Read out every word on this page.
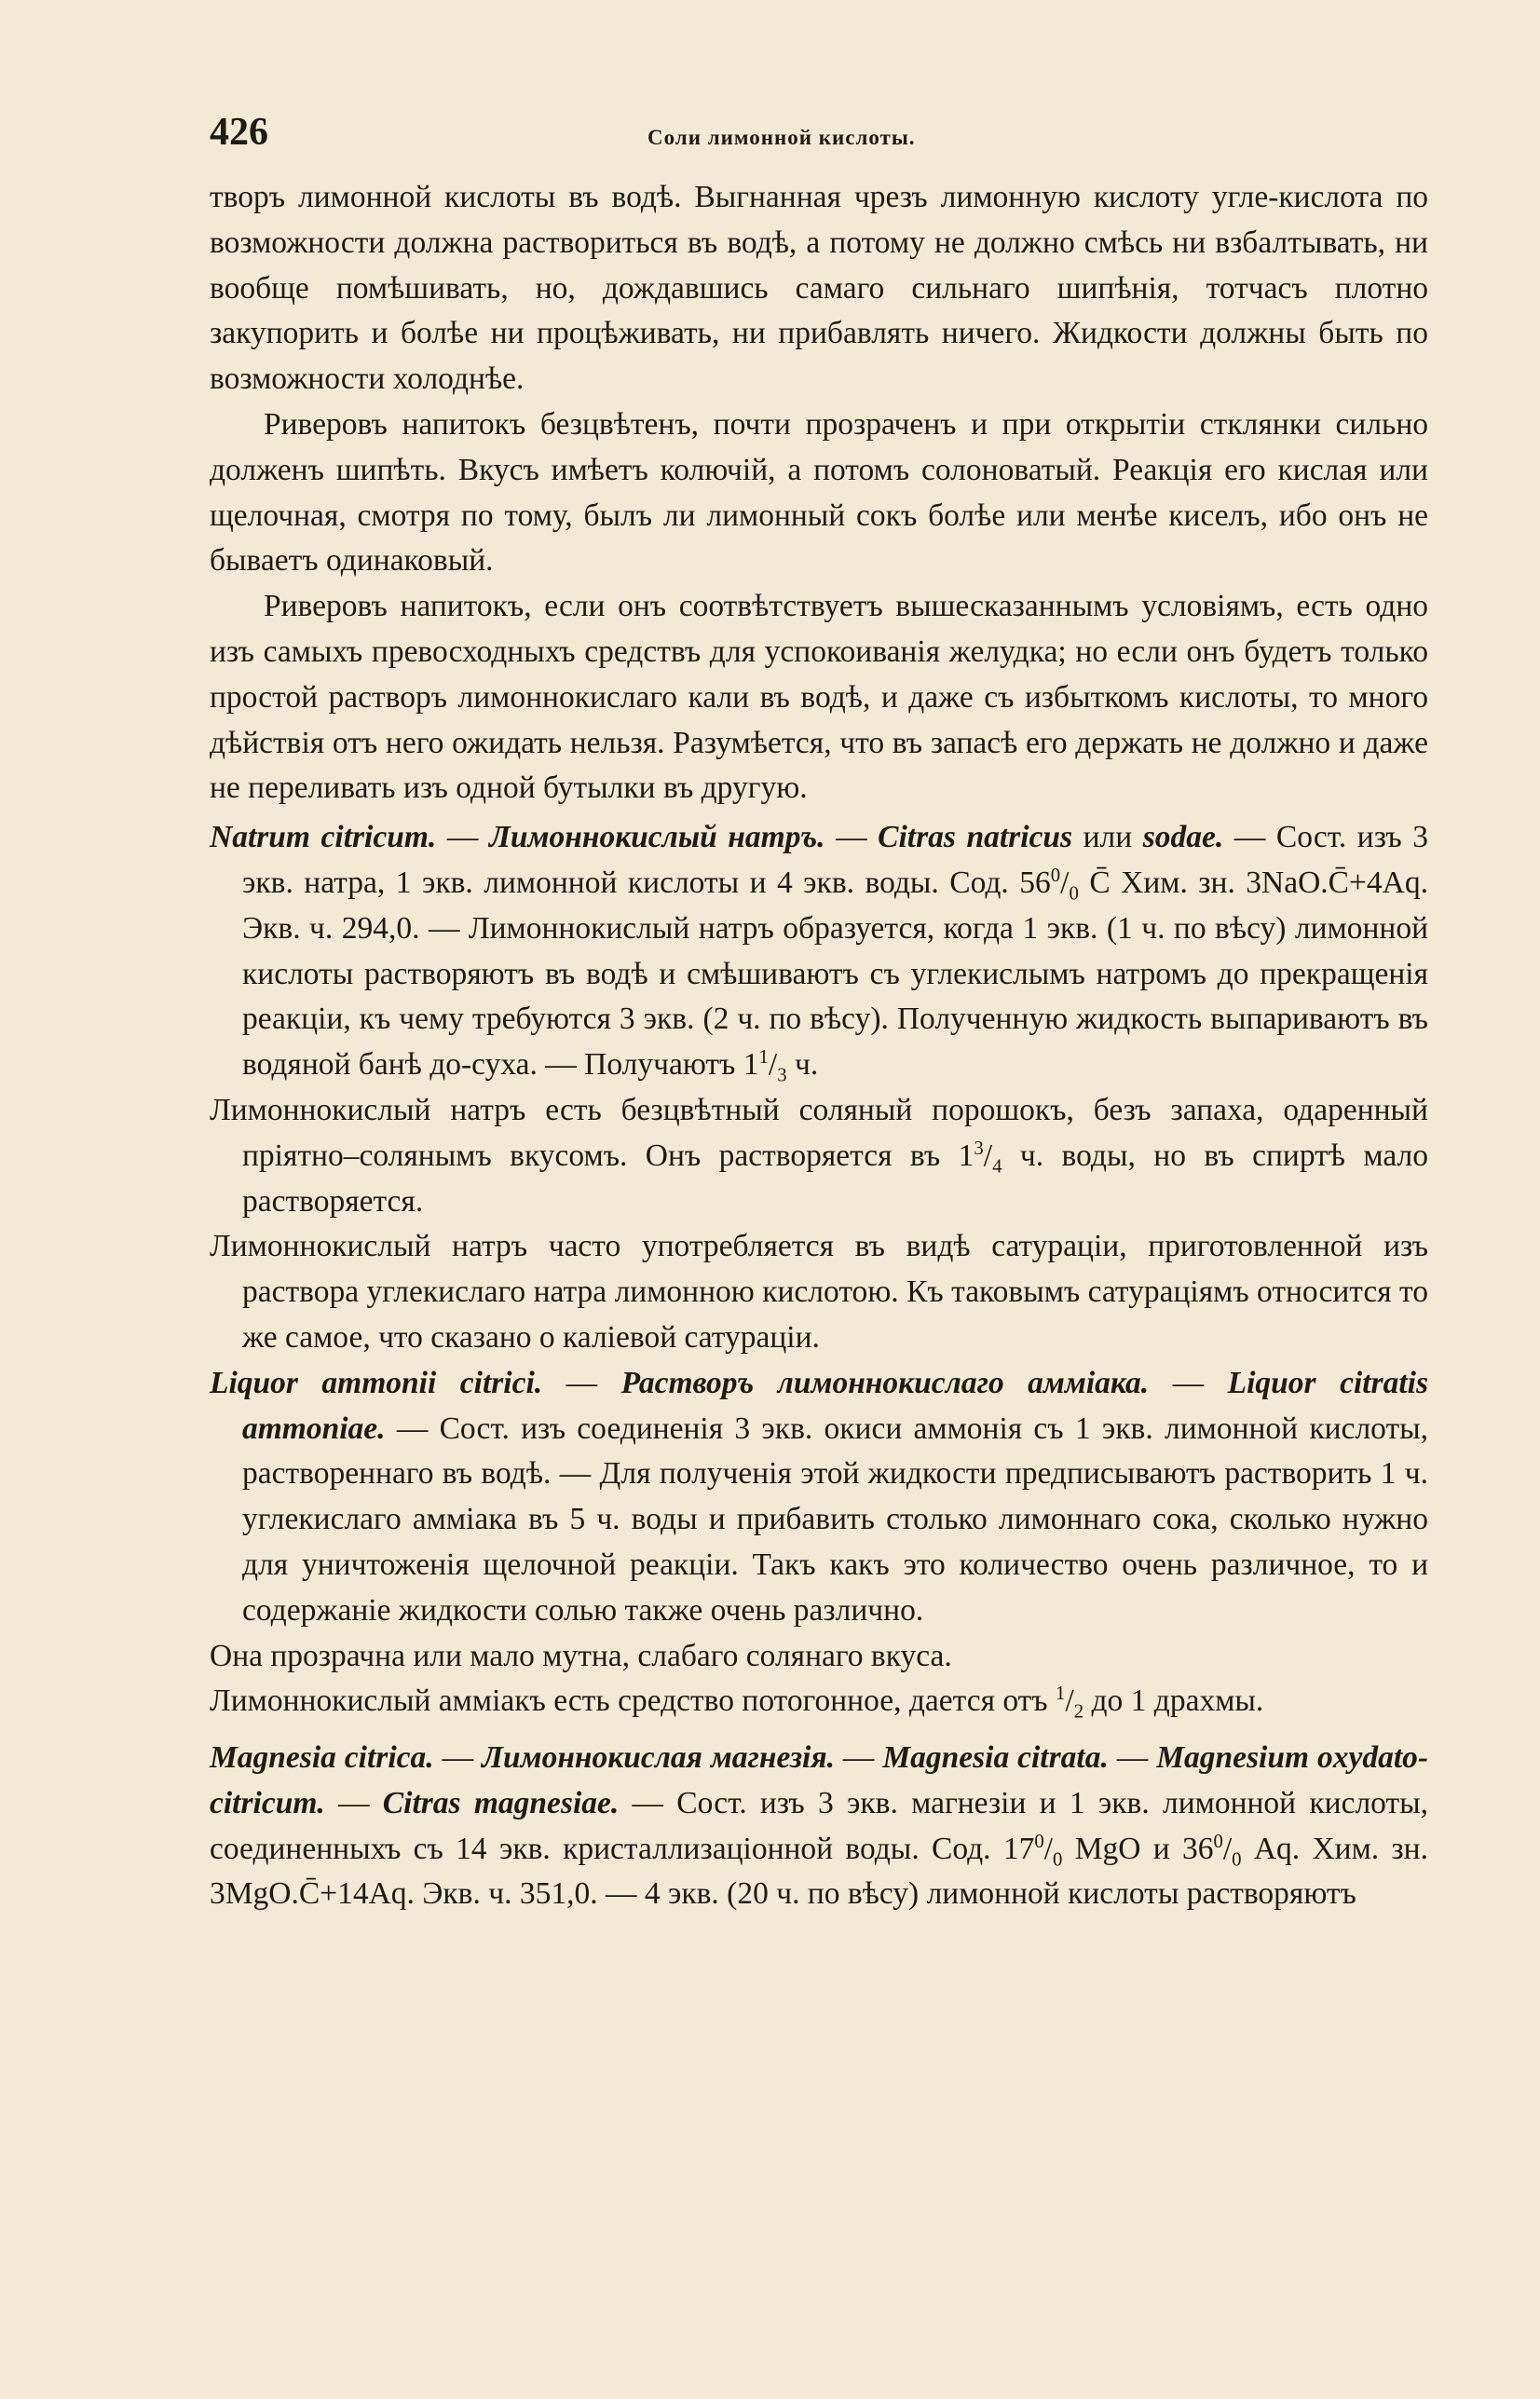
426	Соли лимонной кислоты.

творъ лимонной кислоты въ водѣ. Выгнанная чрезъ лимонную кислоту угле-кислота по возможности должна раствориться въ водѣ, а потому не должно смѣсь ни взбалтывать, ни вообще помѣшивать, но, дождавшись самаго сильнаго шипѣнія, тотчасъ плотно закупорить и болѣе ни процѣживать, ни прибавлять ничего. Жидкости должны быть по возможности холоднѣе.

Риверовъ напитокъ безцвѣтенъ, почти прозраченъ и при открытіи стклянки сильно долженъ шипѣть. Вкусъ имѣетъ колючій, а потомъ солоноватый. Реакція его кислая или щелочная, смотря по тому, былъ ли лимонный сокъ болѣе или менѣе киселъ, ибо онъ не бываетъ одинаковый.

Риверовъ напитокъ, если онъ соотвѣтствуетъ вышесказаннымъ условіямъ, есть одно изъ самыхъ превосходныхъ средствъ для успокоиванія желудка; но если онъ будетъ только простой растворъ лимоннокислаго кали въ водѣ, и даже съ избыткомъ кислоты, то много дѣйствія отъ него ожидать нельзя. Разумѣется, что въ запасѣ его держать не должно и даже не переливать изъ одной бутылки въ другую.

Natrum citricum. — Лимоннокислый натръ. — Citras natricus или sodae. — Сост. изъ 3 экв. натра, 1 экв. лимонной кислоты и 4 экв. воды. Сод. $56^0/_0$ C̄ Хим. зн. 3NaO.C̄+4Aq. Экв. ч. 294,0. — Лимоннокислый натръ образуется, когда 1 экв. (1 ч. по вѣсу) лимонной кислоты растворяютъ въ водѣ и смѣшиваютъ съ углекислымъ натромъ до прекращенія реакціи, къ чему требуются 3 экв. (2 ч. по вѣсу). Полученную жидкость выпариваютъ въ водяной банѣ до-суха. — Получаютъ $1^1/_3$ ч.

Лимоннокислый натръ есть безцвѣтный соляный порошокъ, безъ запаха, одаренный пріятно–солянымъ вкусомъ. Онъ растворяется въ $1^3/_4$ ч. воды, но въ спиртѣ мало растворяется.

Лимоннокислый натръ часто употребляется въ видѣ сатураціи, приготовленной изъ раствора углекислаго натра лимонною кислотою. Къ таковымъ сатураціямъ относится то же самое, что сказано о каліевой сатураціи.

Liquor ammonii citrici. — Растворъ лимоннокислаго аммiака. — Liquor citratis ammoniae. — Сост. изъ соединенія 3 экв. окиси аммонія съ 1 экв. лимонной кислоты, раствореннаго въ водѣ. — Для полученія этой жидкости предписываютъ растворить 1 ч. углекислаго амміака въ 5 ч. воды и прибавить столько лимоннаго сока, сколько нужно для уничтоженія щелочной реакціи. Такъ какъ это количество очень различное, то и содержаніе жидкости солью также очень различно.

Она прозрачна или мало мутна, слабаго солянаго вкуса.

Лимоннокислый амміакъ есть средство потогонное, дается отъ $^1/_2$ до 1 драхмы.

Magnesia citrica. — Лимоннокислая магнезія. — Magnesia citrata. — Magnesium oxydato-citricum. — Citras magnesiae. — Сост. изъ 3 экв. магнезіи и 1 экв. лимонной кислоты, соединенныхъ съ 14 экв. кристаллизаціонной воды. Сод. $17^0/_0$ MgO и $36^0/_0$ Aq. Хим. зн. 3MgO.C̄+14Aq. Экв. ч. 351,0. — 4 экв. (20 ч. по вѣсу) лимонной кислоты растворяютъ
